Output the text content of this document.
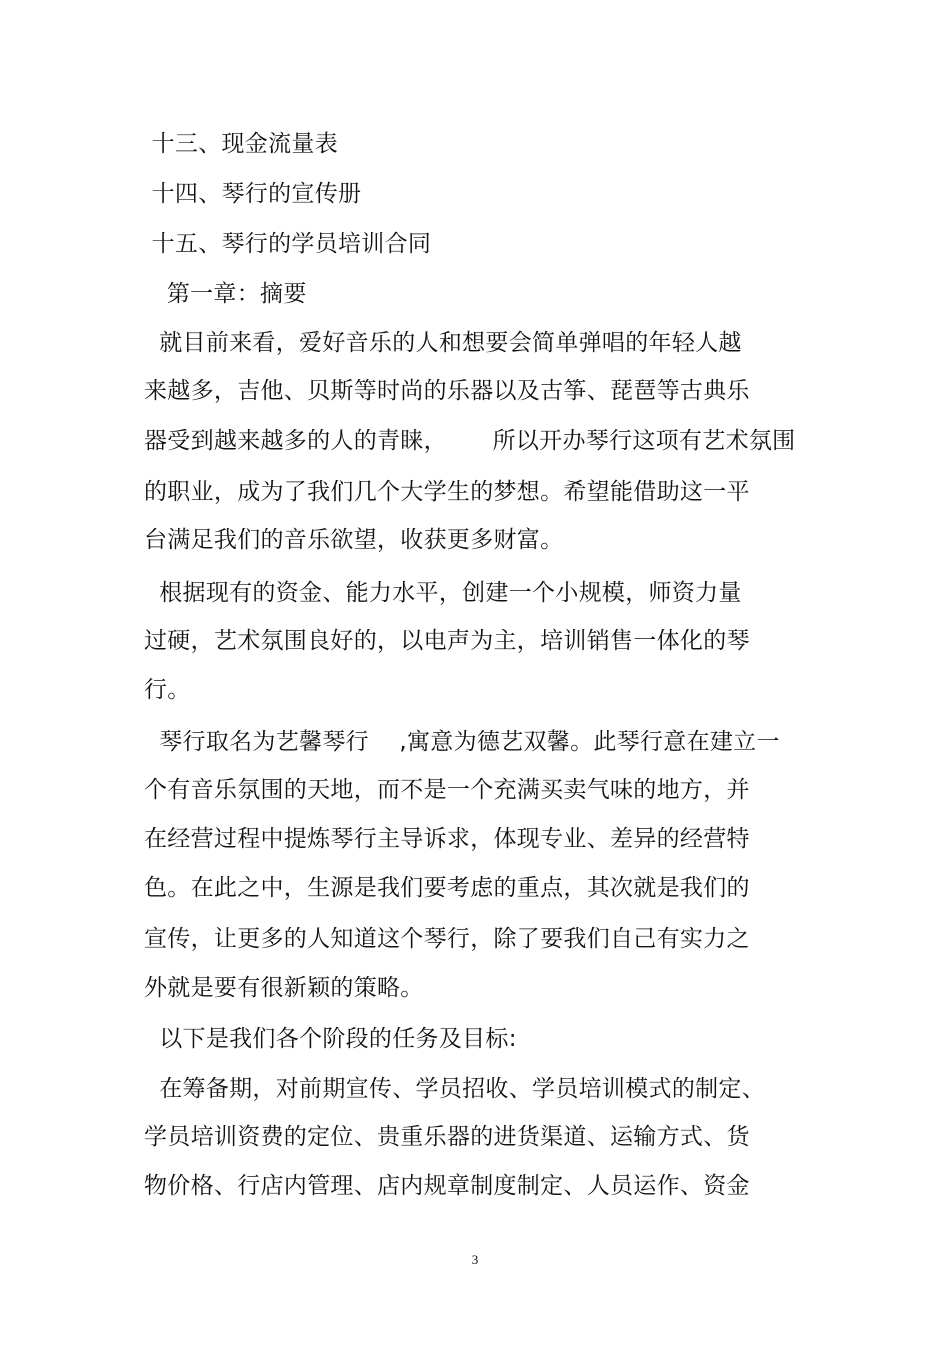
十三、现金流量表
十四、琴行的宣传册
十五、琴行的学员培训合同
第一章：摘要
就目前来看，爱好音乐的人和想要会简单弹唱的年轻人越
来越多，吉他、贝斯等时尚的乐器以及古筝、琵琶等古典乐
器受到越来越多的人的青睐，      所以开办琴行这项有艺术氛围
的职业，成为了我们几个大学生的梦想。希望能借助这一平
台满足我们的音乐欲望，收获更多财富。
根据现有的资金、能力水平，创建一个小规模，师资力量
过硬，艺术氛围良好的，以电声为主，培训销售一体化的琴
行。
琴行取名为艺馨琴行    ,寓意为德艺双馨。此琴行意在建立一
个有音乐氛围的天地，而不是一个充满买卖气味的地方，并
在经营过程中提炼琴行主导诉求，体现专业、差异的经营特
色。在此之中，生源是我们要考虑的重点，其次就是我们的
宣传，让更多的人知道这个琴行，除了要我们自己有实力之
外就是要有很新颖的策略。
以下是我们各个阶段的任务及目标:
在筹备期，对前期宣传、学员招收、学员培训模式的制定、
学员培训资费的定位、贵重乐器的进货渠道、运输方式、货
物价格、行店内管理、店内规章制度制定、人员运作、资金
3
